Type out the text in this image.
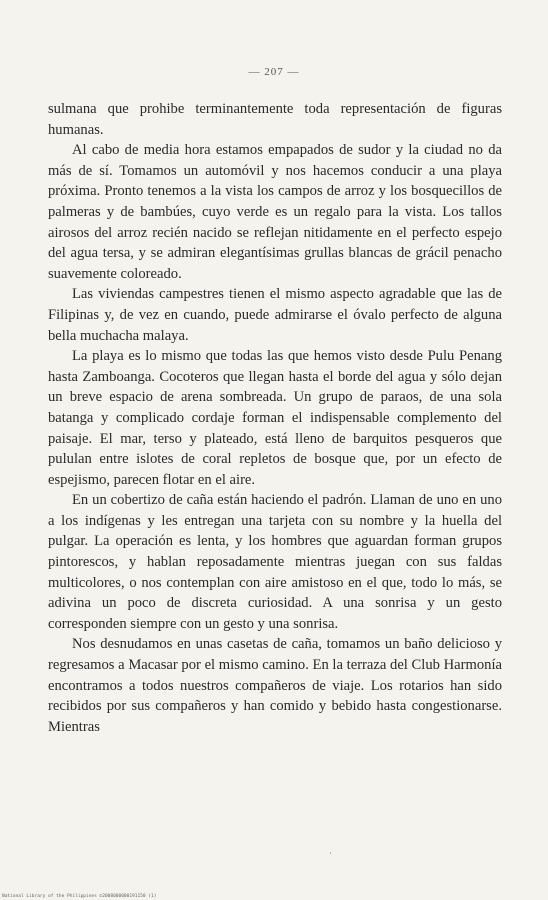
— 207 —

sulmana que prohibe terminantemente toda representación de figuras humanas.

Al cabo de media hora estamos empapados de sudor y la ciudad no da más de sí. Tomamos un automóvil y nos hacemos conducir a una playa próxima. Pronto tenemos a la vista los campos de arroz y los bosquecillos de palmeras y de bambúes, cuyo verde es un regalo para la vista. Los tallos airosos del arroz recién nacido se reflejan nitidamente en el perfecto espejo del agua tersa, y se admiran elegantísimas grullas blancas de grácil penacho suavemente coloreado.

Las viviendas campestres tienen el mismo aspecto agradable que las de Filipinas y, de vez en cuando, puede admirarse el óvalo perfecto de alguna bella muchacha malaya.

La playa es lo mismo que todas las que hemos visto desde Pulu Penang hasta Zamboanga. Cocoteros que llegan hasta el borde del agua y sólo dejan un breve espacio de arena sombreada. Un grupo de paraos, de una sola batanga y complicado cordaje forman el indispensable complemento del paisaje. El mar, terso y plateado, está lleno de barquitos pesqueros que pululan entre islotes de coral repletos de bosque que, por un efecto de espejismo, parecen flotar en el aire.

En un cobertizo de caña están haciendo el padrón. Llaman de uno en uno a los indígenas y les entregan una tarjeta con su nombre y la huella del pulgar. La operación es lenta, y los hombres que aguardan forman grupos pintorescos, y hablan reposadamente mientras juegan con sus faldas multicolores, o nos contemplan con aire amistoso en el que, todo lo más, se adivina un poco de discreta curiosidad. A una sonrisa y un gesto corresponden siempre con un gesto y una sonrisa.

Nos desnudamos en unas casetas de caña, tomamos un baño delicioso y regresamos a Macasar por el mismo camino. En la terraza del Club Harmonía encontramos a todos nuestros compañeros de viaje. Los rotarios han sido recibidos por sus compañeros y han comido y bebido hasta congestionarse. Mientras

·
National Library of the Philippines ©2008000000191150 (1)
